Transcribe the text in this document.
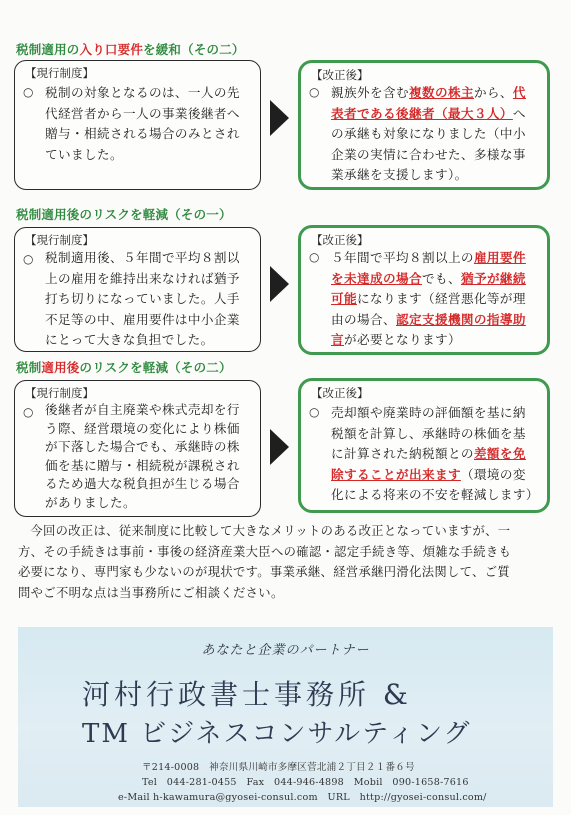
税制適用の入り口要件を緩和（その二）
【現行制度】
○ 税制の対象となるのは、一人の先
代経営者から一人の事業後継者へ
贈与・相続される場合のみとされ
ていました。
【改正後】
○ 親族外を含む複数の株主から、代
表者である後継者（最大３人）へ
の承継も対象になりました（中小
企業の実情に合わせた、多様な事
業承継を支援します）。
税制適用後のリスクを軽減（その一）
【現行制度】
○ 税制適用後、５年間で平均８割以
上の雇用を維持出来なければ猶予
打ち切りになっていました。人手
不足等の中、雇用要件は中小企業
にとって大きな負担でした。
【改正後】
○ ５年間で平均８割以上の雇用要件
を未達成の場合でも、猶予が継続
可能になります（経営悪化等が理
由の場合、認定支援機関の指導助
言が必要となります）
税制適用後のリスクを軽減（その二）
【現行制度】
○ 後継者が自主廃業や株式売却を行
う際、経営環境の変化により株価
が下落した場合でも、承継時の株
価を基に贈与・相続税が課税され
るため過大な税負担が生じる場合
がありました。
【改正後】
○ 売却額や廃業時の評価額を基に納
税額を計算し、承継時の株価を基
に計算された納税額との差額を免
除することが出来ます（環境の変
化による将来の不安を軽減します）
今回の改正は、従来制度に比較して大きなメリットのある改正となっていますが、一
方、その手続きは事前・事後の経済産業大臣への確認・認定手続き等、煩雑な手続きも
必要になり、専門家も少ないのが現状です。事業承継、経営承継円滑化法関して、ご質
問やご不明な点は当事務所にご相談ください。
あなたと企業のパートナー
河村行政書士事務所 &
TM ビジネスコンサルティング
〒214-0008　神奈川県川崎市多摩区菅北浦２丁目２１番６号
Tel　044-281-0455　Fax　044-946-4898　Mobil　090-1658-7616
e-Mail h-kawamura@gyosei-consul.com　URL　http://gyosei-consul.com/
